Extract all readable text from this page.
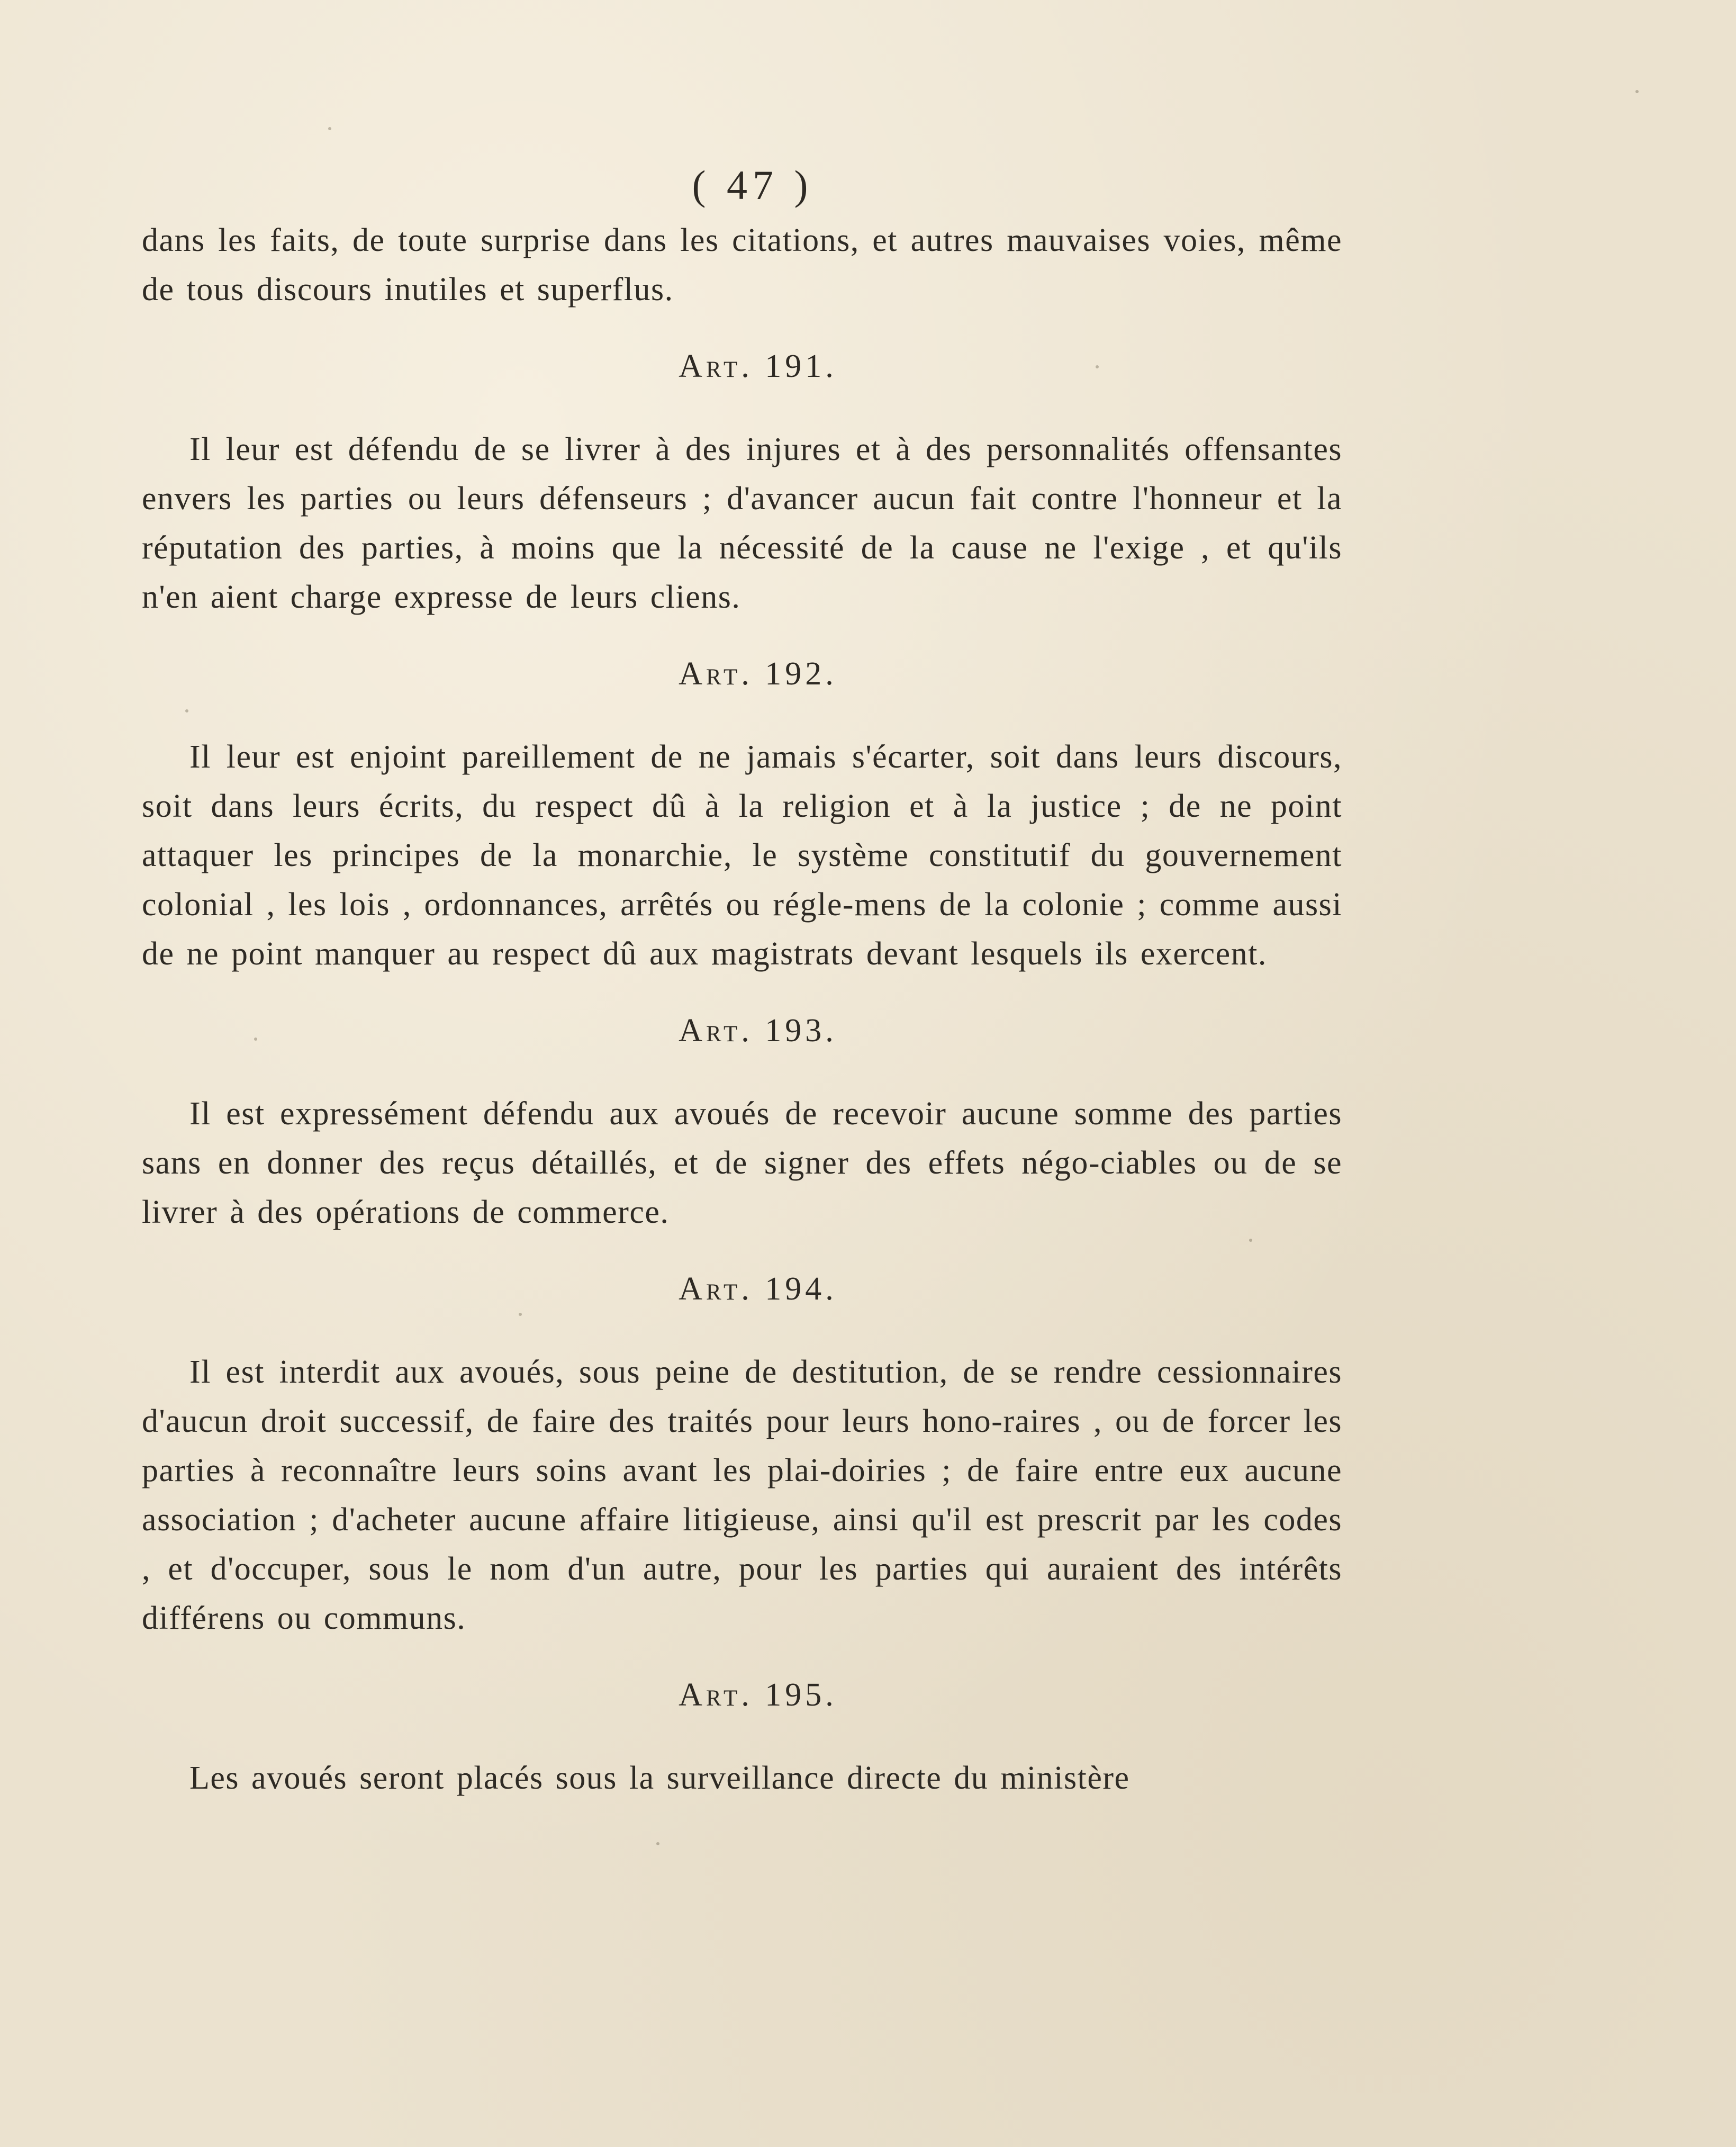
( 47 )

dans les faits, de toute surprise dans les citations, et autres mauvaises voies, même de tous discours inutiles et superflus.

Art. 191.

Il leur est défendu de se livrer à des injures et à des personnalités offensantes envers les parties ou leurs défenseurs ; d'avancer aucun fait contre l'honneur et la réputation des parties, à moins que la nécessité de la cause ne l'exige , et qu'ils n'en aient charge expresse de leurs cliens.

Art. 192.

Il leur est enjoint pareillement de ne jamais s'écarter, soit dans leurs discours, soit dans leurs écrits, du respect dû à la religion et à la justice ; de ne point attaquer les principes de la monarchie, le système constitutif du gouvernement colonial , les lois , ordonnances, arrêtés ou régle-mens de la colonie ; comme aussi de ne point manquer au respect dû aux magistrats devant lesquels ils exercent.

Art. 193.

Il est expressément défendu aux avoués de recevoir aucune somme des parties sans en donner des reçus détaillés, et de signer des effets négo-ciables ou de se livrer à des opérations de commerce.

Art. 194.

Il est interdit aux avoués, sous peine de destitution, de se rendre cessionnaires d'aucun droit successif, de faire des traités pour leurs hono-raires , ou de forcer les parties à reconnaître leurs soins avant les plai-doiries ; de faire entre eux aucune association ; d'acheter aucune affaire litigieuse, ainsi qu'il est prescrit par les codes , et d'occuper, sous le nom d'un autre, pour les parties qui auraient des intérêts différens ou communs.

Art. 195.

Les avoués seront placés sous la surveillance directe du ministère
